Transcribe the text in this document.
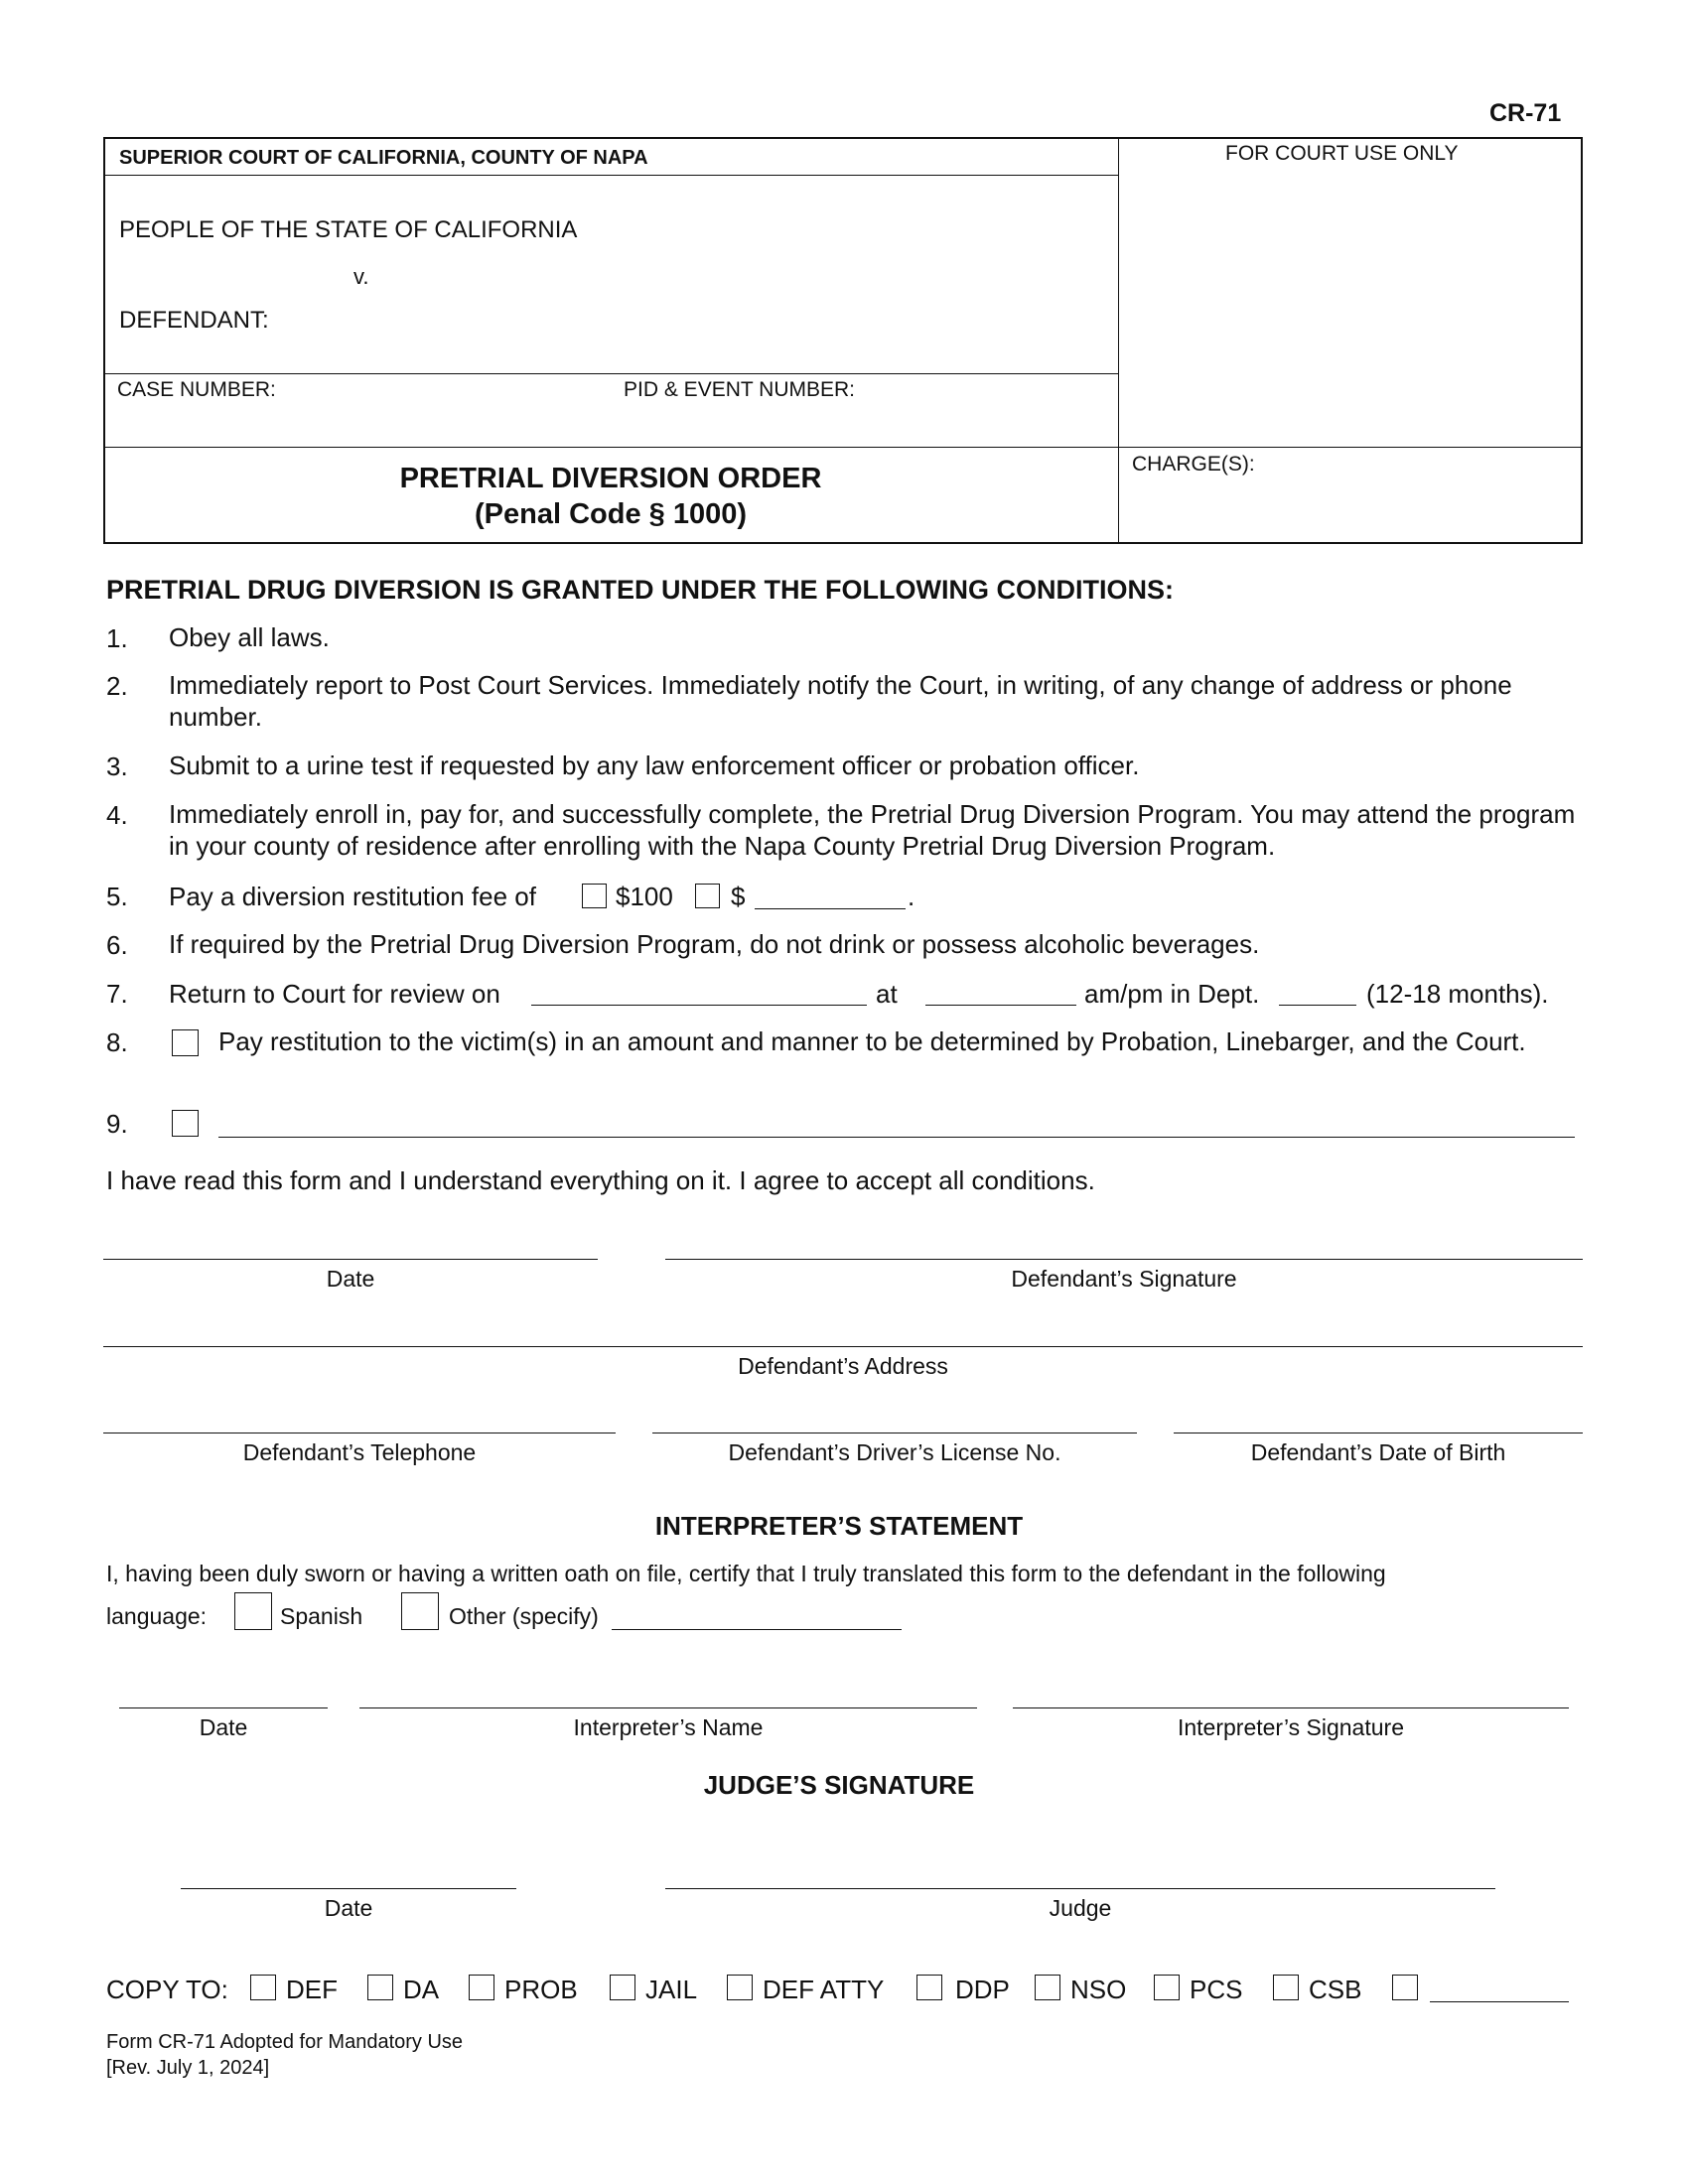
CR-71
SUPERIOR COURT OF CALIFORNIA, COUNTY OF NAPA	FOR COURT USE ONLY
PEOPLE OF THE STATE OF CALIFORNIA
v.
DEFENDANT:
CASE NUMBER:	PID & EVENT NUMBER:
CHARGE(S):
PRETRIAL DIVERSION ORDER
(Penal Code § 1000)
PRETRIAL DRUG DIVERSION IS GRANTED UNDER THE FOLLOWING CONDITIONS:
1. Obey all laws.
2. Immediately report to Post Court Services. Immediately notify the Court, in writing, of any change of address or phone number.
3. Submit to a urine test if requested by any law enforcement officer or probation officer.
4. Immediately enroll in, pay for, and successfully complete, the Pretrial Drug Diversion Program. You may attend the program in your county of residence after enrolling with the Napa County Pretrial Drug Diversion Program.
5. Pay a diversion restitution fee of	$100 $	.
6. If required by the Pretrial Drug Diversion Program, do not drink or possess alcoholic beverages.
7. Return to Court for review on	at	am/pm in Dept.	(12-18 months).
8.	Pay restitution to the victim(s) in an amount and manner to be determined by Probation, Linebarger, and the Court.
9.
I have read this form and I understand everything on it. I agree to accept all conditions.
Date	Defendant’s Signature
Defendant’s Address
Defendant’s Telephone	Defendant’s Driver’s License No.	Defendant’s Date of Birth
INTERPRETER’S STATEMENT
I, having been duly sworn or having a written oath on file, certify that I truly translated this form to the defendant in the following
language:	Spanish	Other (specify)
Date	Interpreter’s Name	Interpreter’s Signature
JUDGE’S SIGNATURE
Date	Judge
COPY TO: DEF	DA	PROB	JAIL	DEF ATTY	DDP NSO PCS	CSB
Form CR-71 Adopted for Mandatory Use
[Rev. July 1, 2024]
